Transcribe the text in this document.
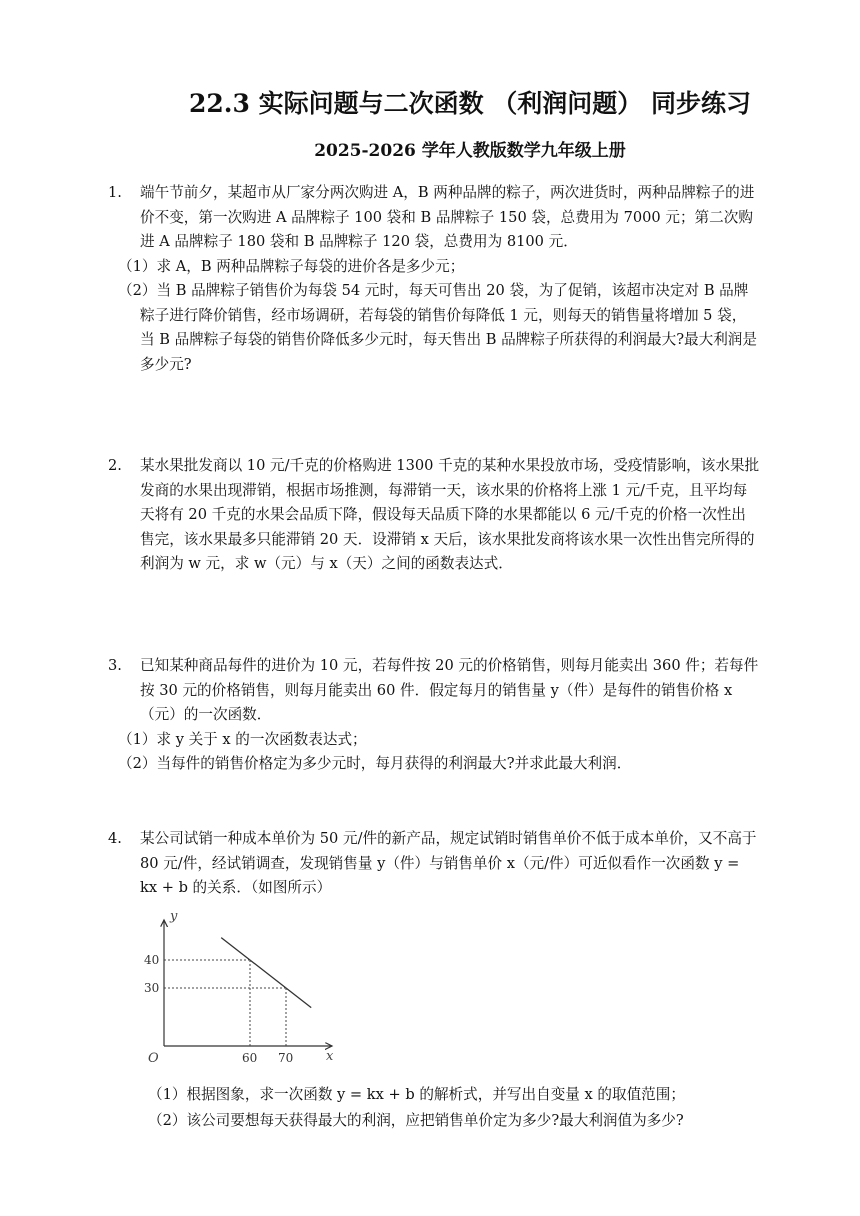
22.3 实际问题与二次函数 （利润问题） 同步练习
2025-2026 学年人教版数学九年级上册
1.	端午节前夕，某超市从厂家分两次购进 A，B 两种品牌的粽子，两次进货时，两种品牌粽子的进价不变，第一次购进 A 品牌粽子 100 袋和 B 品牌粽子 150 袋，总费用为 7000 元；第二次购进 A 品牌粽子 180 袋和 B 品牌粽子 120 袋，总费用为 8100 元．

（1）求 A，B 两种品牌粽子每袋的进价各是多少元；

（2）当 B 品牌粽子销售价为每袋 54 元时，每天可售出 20 袋，为了促销，该超市决定对 B 品牌粽子进行降价销售，经市场调研，若每袋的销售价每降低 1 元，则每天的销售量将增加 5 袋，当 B 品牌粽子每袋的销售价降低多少元时，每天售出 B 品牌粽子所获得的利润最大?最大利润是多少元?

2.	某水果批发商以 10 元/千克的价格购进 1300 千克的某种水果投放市场，受疫情影响，该水果批发商的水果出现滞销，根据市场推测，每滞销一天，该水果的价格将上涨 1 元/千克，且平均每天将有 20 千克的水果会品质下降，假设每天品质下降的水果都能以 6 元/千克的价格一次性出售完，该水果最多只能滞销 20 天．设滞销 x 天后，该水果批发商将该水果一次性出售完所得的利润为 w 元，求 w（元）与 x（天）之间的函数表达式．

3.	已知某种商品每件的进价为 10 元，若每件按 20 元的价格销售，则每月能卖出 360 件；若每件按 30 元的价格销售，则每月能卖出 60 件．假定每月的销售量 y（件）是每件的销售价格 x（元）的一次函数．

（1）求 y 关于 x 的一次函数表达式；

（2）当每件的销售价格定为多少元时，每月获得的利润最大?并求此最大利润．

4.	某公司试销一种成本单价为 50 元/件的新产品，规定试销时销售单价不低于成本单价，又不高于 80 元/件，经试销调查，发现销售量 y（件）与销售单价 x（元/件）可近似看作一次函数 y = kx + b 的关系．（如图所示）

y
x
O	60 70
40
30
（1）根据图象，求一次函数 y = kx + b 的解析式，并写出自变量 x 的取值范围；
（2）该公司要想每天获得最大的利润，应把销售单价定为多少?最大利润值为多少?
